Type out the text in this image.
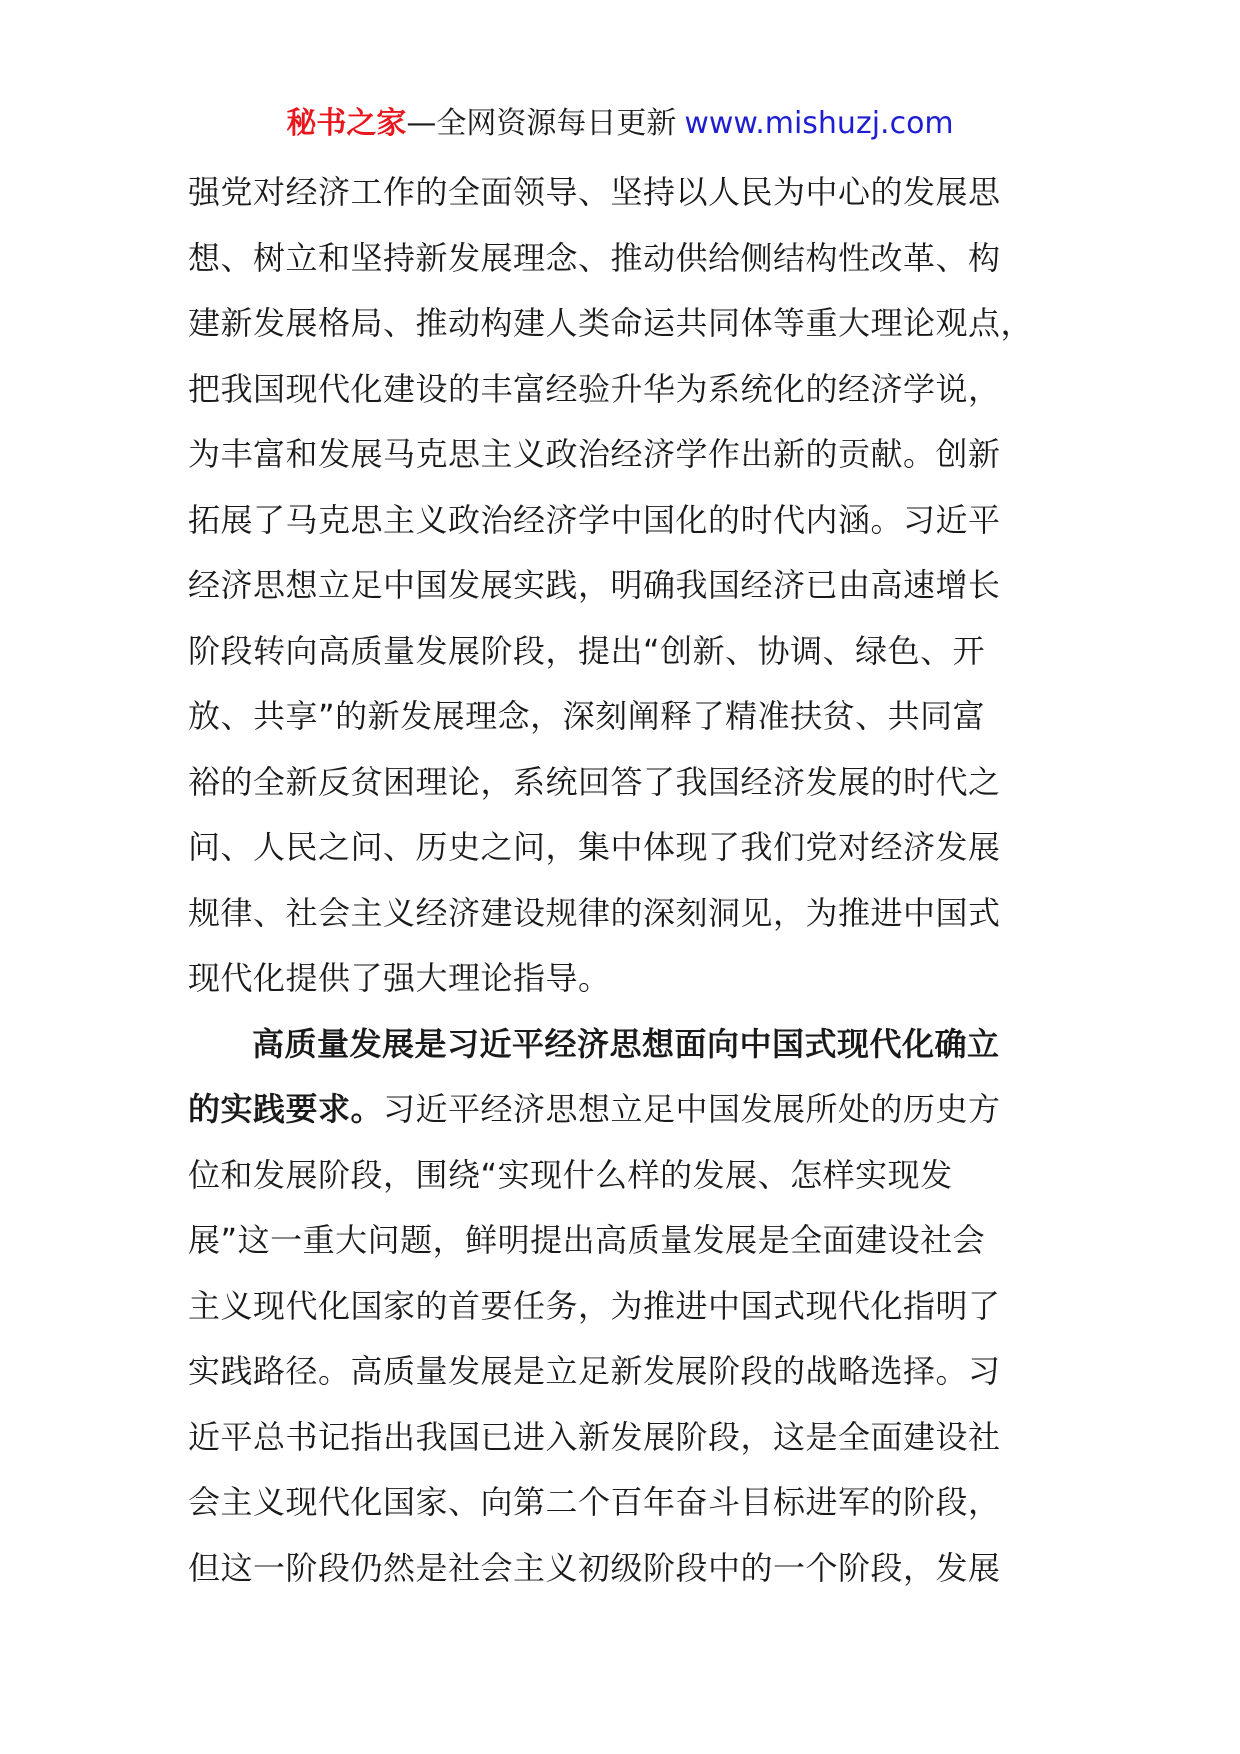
秘书之家—全网资源每日更新 www.mishuzj.com
强党对经济工作的全面领导、坚持以人民为中心的发展思
想、树立和坚持新发展理念、推动供给侧结构性改革、构
建新发展格局、推动构建人类命运共同体等重大理论观点，
把我国现代化建设的丰富经验升华为系统化的经济学说，
为丰富和发展马克思主义政治经济学作出新的贡献。创新
拓展了马克思主义政治经济学中国化的时代内涵。习近平
经济思想立足中国发展实践，明确我国经济已由高速增长
阶段转向高质量发展阶段，提出“创新、协调、绿色、开
放、共享”的新发展理念，深刻阐释了精准扶贫、共同富
裕的全新反贫困理论，系统回答了我国经济发展的时代之
问、人民之问、历史之问，集中体现了我们党对经济发展
规律、社会主义经济建设规律的深刻洞见，为推进中国式
现代化提供了强大理论指导。
高质量发展是习近平经济思想面向中国式现代化确立
的实践要求。习近平经济思想立足中国发展所处的历史方
位和发展阶段，围绕“实现什么样的发展、怎样实现发
展”这一重大问题，鲜明提出高质量发展是全面建设社会
主义现代化国家的首要任务，为推进中国式现代化指明了
实践路径。高质量发展是立足新发展阶段的战略选择。习
近平总书记指出我国已进入新发展阶段，这是全面建设社
会主义现代化国家、向第二个百年奋斗目标进军的阶段，
但这一阶段仍然是社会主义初级阶段中的一个阶段，发展
